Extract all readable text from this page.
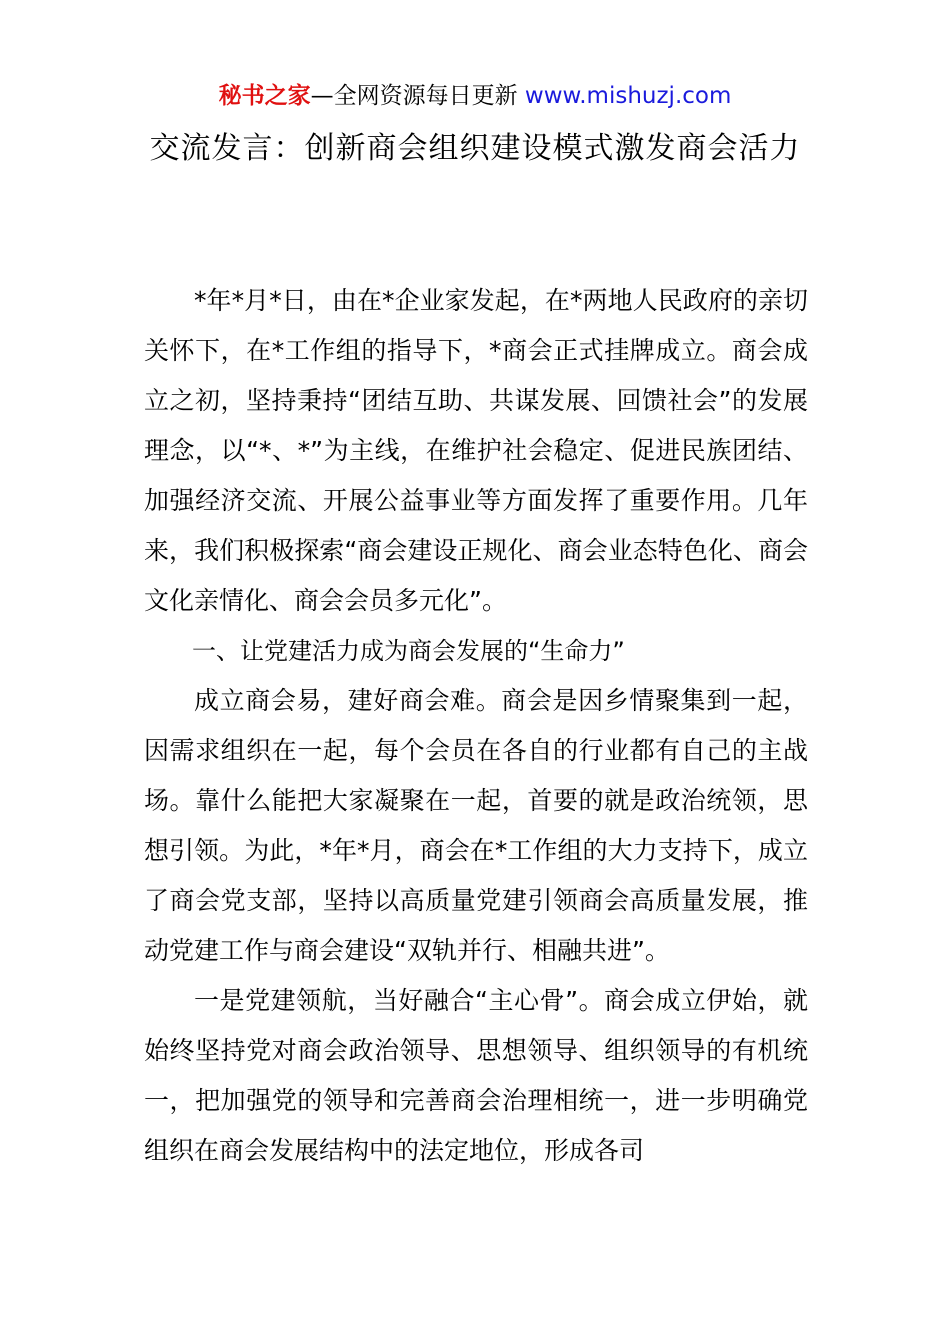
秘书之家—全网资源每日更新 www.mishuzj.com
交流发言：创新商会组织建设模式激发商会活力

*年*月*日，由在*企业家发起，在*两地人民政府的亲切关怀下，在*工作组的指导下，*商会正式挂牌成立。商会成立之初，坚持秉持“团结互助、共谋发展、回馈社会”的发展理念，以“*、*”为主线，在维护社会稳定、促进民族团结、加强经济交流、开展公益事业等方面发挥了重要作用。几年来，我们积极探索“商会建设正规化、商会业态特色化、商会文化亲情化、商会会员多元化”。

一、让党建活力成为商会发展的“生命力”

成立商会易，建好商会难。商会是因乡情聚集到一起，因需求组织在一起，每个会员在各自的行业都有自己的主战场。靠什么能把大家凝聚在一起，首要的就是政治统领，思想引领。为此，*年*月，商会在*工作组的大力支持下，成立了商会党支部，坚持以高质量党建引领商会高质量发展，推动党建工作与商会建设“双轨并行、相融共进”。

一是党建领航，当好融合“主心骨”。商会成立伊始，就始终坚持党对商会政治领导、思想领导、组织领导的有机统一，把加强党的领导和完善商会治理相统一，进一步明确党组织在商会发展结构中的法定地位，形成各司
